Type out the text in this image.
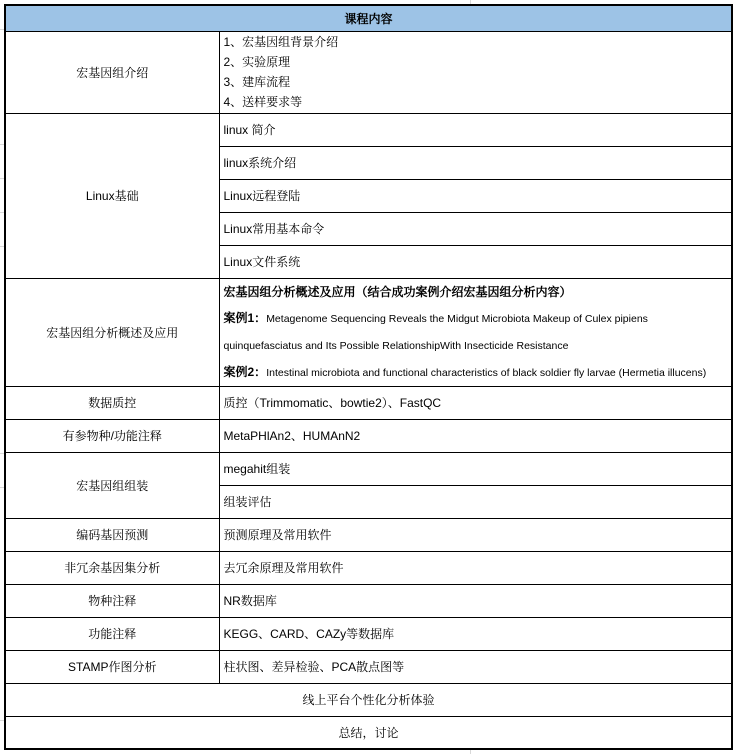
课程内容	
宏基因组介绍	1、宏基因组背景介绍
2、实验原理
3、建库流程
4、送样要求等

Linux基础	linux 简介
	linux系统介绍
	Linux远程登陆
	Linux常用基本命令
	Linux文件系统
宏基因组分析概述及应用	宏基因组分析概述及应用（结合成功案例介绍宏基因组分析内容）

案例1：Metagenome Sequencing Reveals the Midgut Microbiota Makeup of Culex pipiens quinquefasciatus and Its Possible RelationshipWith Insecticide Resistance

案例2：Intestinal microbiota and functional characteristics of black soldier fly larvae (Hermetia illucens)

数据质控	质控（Trimmomatic、bowtie2）、FastQC
有参物种/功能注释	MetaPHlAn2、HUMAnN2
宏基因组组装	megahit组装
	组装评估
编码基因预测	预测原理及常用软件
非冗余基因集分析	去冗余原理及常用软件
物种注释	NR数据库
功能注释	KEGG、CARD、CAZy等数据库
STAMP作图分析	柱状图、差异检验、PCA散点图等
线上平台个性化分析体验	
总结，讨论	
